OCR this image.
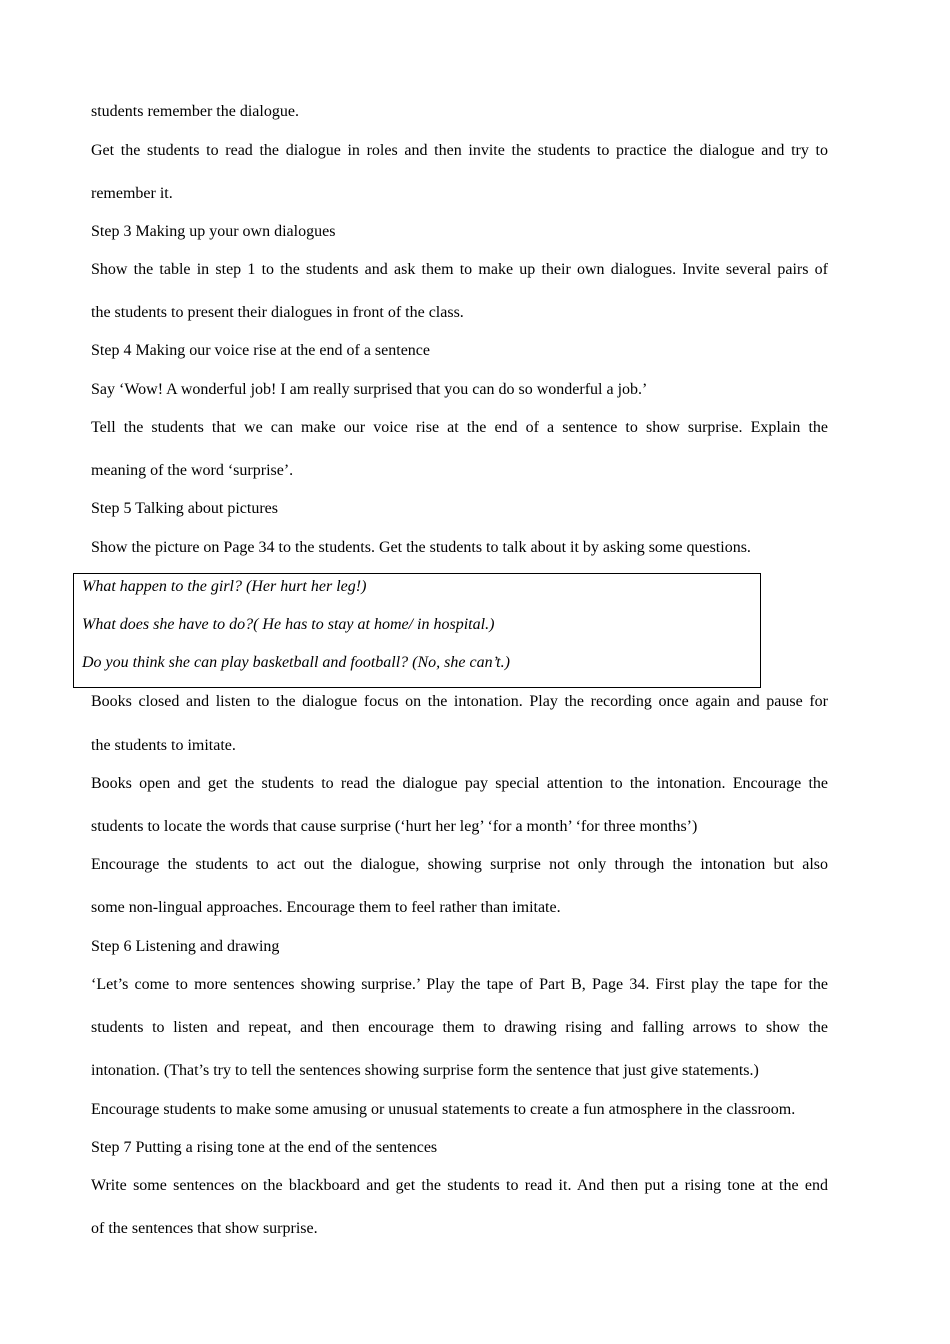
students remember the dialogue.

Get the students to read the dialogue in roles and then invite the students to practice the dialogue and try to

remember it.

Step 3 Making up your own dialogues

Show the table in step 1 to the students and ask them to make up their own dialogues. Invite several pairs of

the students to present their dialogues in front of the class.

Step 4 Making our voice rise at the end of a sentence

Say ‘Wow! A wonderful job! I am really surprised that you can do so wonderful a job.’

Tell the students that we can make our voice rise at the end of a sentence to show surprise. Explain the

meaning of the word ‘surprise’.

Step 5 Talking about pictures

Show the picture on Page 34 to the students. Get the students to talk about it by asking some questions.

What happen to the girl? (Her hurt her leg!)

What does she have to do?( He has to stay at home/ in hospital.)

Do you think she can play basketball and football? (No, she can’t.)

Books closed and listen to the dialogue focus on the intonation. Play the recording once again and pause for

the students to imitate.

Books open and get the students to read the dialogue pay special attention to the intonation. Encourage the

students to locate the words that cause surprise (‘hurt her leg’ ‘for a month’ ‘for three months’)

Encourage the students to act out the dialogue, showing surprise not only through the intonation but also

some non-lingual approaches. Encourage them to feel rather than imitate.

Step 6 Listening and drawing

‘Let’s come to more sentences showing surprise.’ Play the tape of Part B, Page 34. First play the tape for the

students to listen and repeat, and then encourage them to drawing rising and falling arrows to show the

intonation. (That’s try to tell the sentences showing surprise form the sentence that just give statements.)

Encourage students to make some amusing or unusual statements to create a fun atmosphere in the classroom.

Step 7 Putting a rising tone at the end of the sentences

Write some sentences on the blackboard and get the students to read it. And then put a rising tone at the end

of the sentences that show surprise.
